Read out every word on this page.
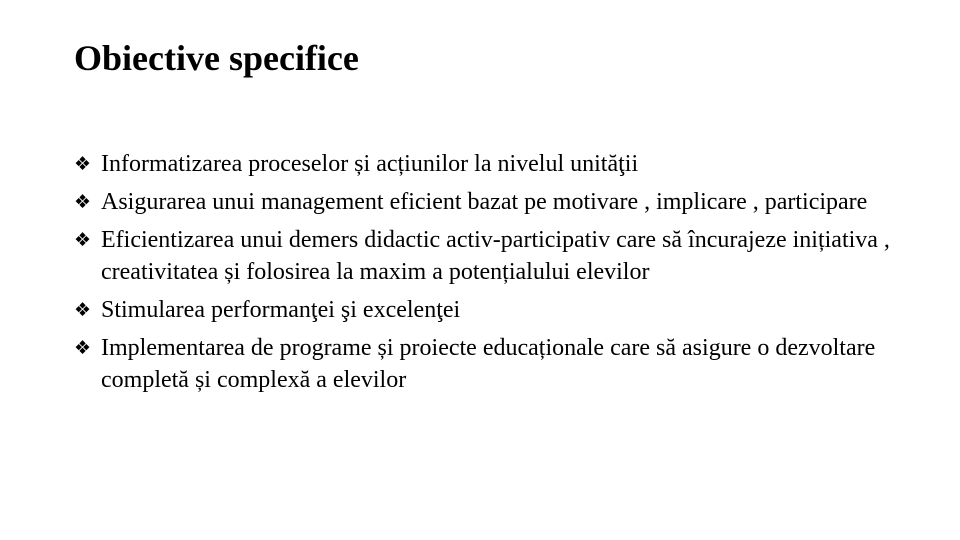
Obiective specifice
❖ Informatizarea proceselor și acțiunilor la nivelul unităţii
❖ Asigurarea unui management eficient bazat pe motivare , implicare , participare
❖ Eficientizarea unui demers didactic activ-participativ care să încurajeze inițiativa , creativitatea și folosirea la maxim a potențialului elevilor
❖ Stimularea performanţei şi excelenţei
❖ Implementarea de programe și proiecte educaționale care să asigure o dezvoltare completă și complexă a elevilor
